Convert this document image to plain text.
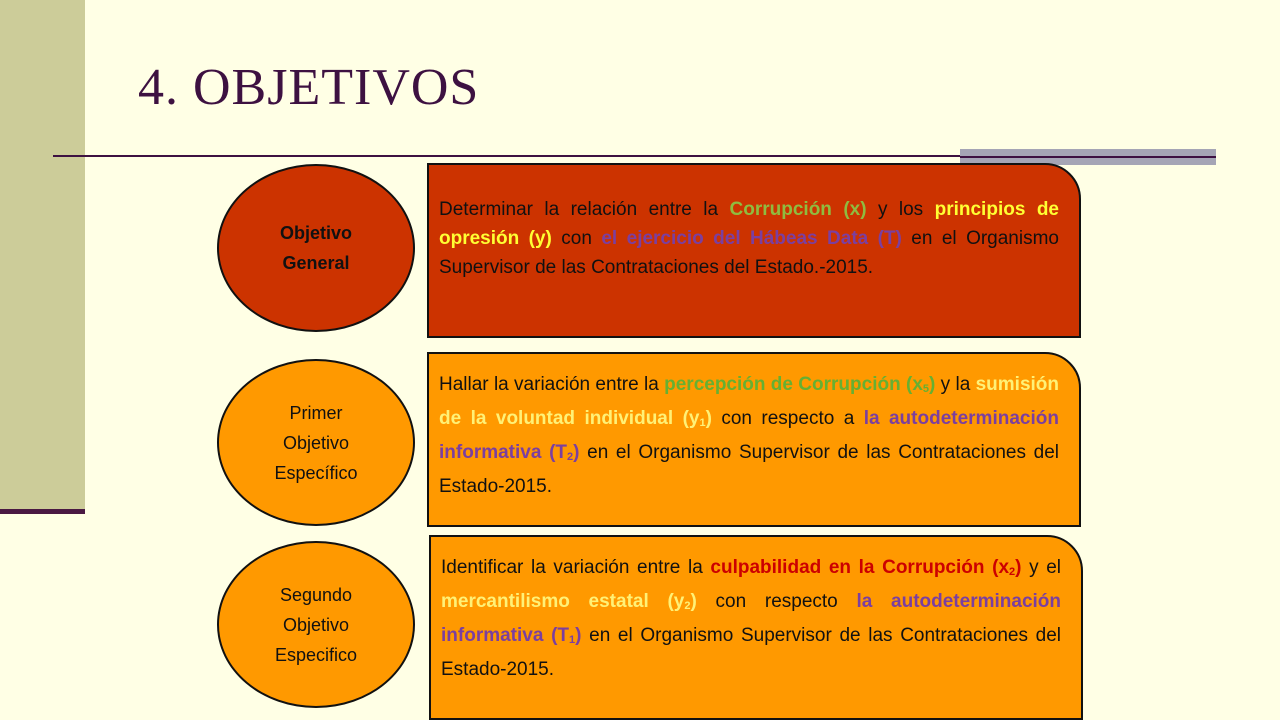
4. OBJETIVOS
Objetivo
General
Determinar la relación entre la Corrupción (x) y los principios de opresión (y) con el ejercicio del Hábeas Data (T) en el Organismo Supervisor de las Contrataciones del Estado.-2015.
Primer
Objetivo
Específico
Hallar la variación entre la percepción de Corrupción $(x_5)$ y la sumisión de la voluntad individual $(y_1)$ con respecto a la autodeterminación informativa $(T_2)$ en el Organismo Supervisor de las Contrataciones del Estado-2015.
Segundo
Objetivo
Especifico
Identificar la variación entre la culpabilidad en la Corrupción $(x_2)$ y el mercantilismo estatal $(y_2)$ con respecto la autodeterminación informativa $(T_1)$ en el Organismo Supervisor de las Contrataciones del Estado-2015.
